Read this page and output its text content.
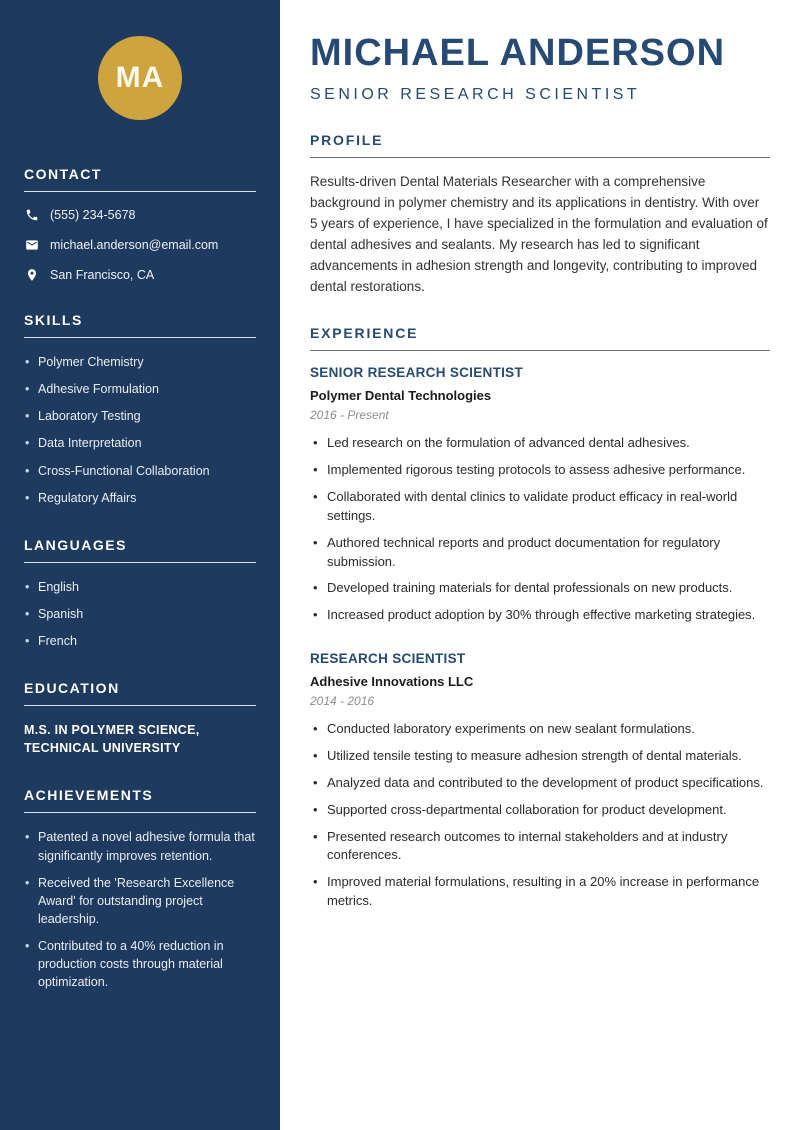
MA
CONTACT
(555) 234-5678
michael.anderson@email.com
San Francisco, CA
SKILLS
• Polymer Chemistry
• Adhesive Formulation
• Laboratory Testing
• Data Interpretation
• Cross-Functional Collaboration
• Regulatory Affairs
LANGUAGES
• English
• Spanish
• French
EDUCATION
M.S. IN POLYMER SCIENCE, TECHNICAL UNIVERSITY
ACHIEVEMENTS
• Patented a novel adhesive formula that significantly improves retention.
• Received the 'Research Excellence Award' for outstanding project leadership.
• Contributed to a 40% reduction in production costs through material optimization.
MICHAEL ANDERSON
SENIOR RESEARCH SCIENTIST
PROFILE

Results-driven Dental Materials Researcher with a comprehensive background in polymer chemistry and its applications in dentistry. With over 5 years of experience, I have specialized in the formulation and evaluation of dental adhesives and sealants. My research has led to significant advancements in adhesion strength and longevity, contributing to improved dental restorations.

EXPERIENCE
SENIOR RESEARCH SCIENTIST
Polymer Dental Technologies
2016 - Present
• Led research on the formulation of advanced dental adhesives.
• Implemented rigorous testing protocols to assess adhesive performance.
• Collaborated with dental clinics to validate product efficacy in real-world settings.
• Authored technical reports and product documentation for regulatory submission.
• Developed training materials for dental professionals on new products.
• Increased product adoption by 30% through effective marketing strategies.
RESEARCH SCIENTIST
Adhesive Innovations LLC
2014 - 2016
• Conducted laboratory experiments on new sealant formulations.
• Utilized tensile testing to measure adhesion strength of dental materials.
• Analyzed data and contributed to the development of product specifications.
• Supported cross-departmental collaboration for product development.
• Presented research outcomes to internal stakeholders and at industry conferences.
• Improved material formulations, resulting in a 20% increase in performance metrics.
